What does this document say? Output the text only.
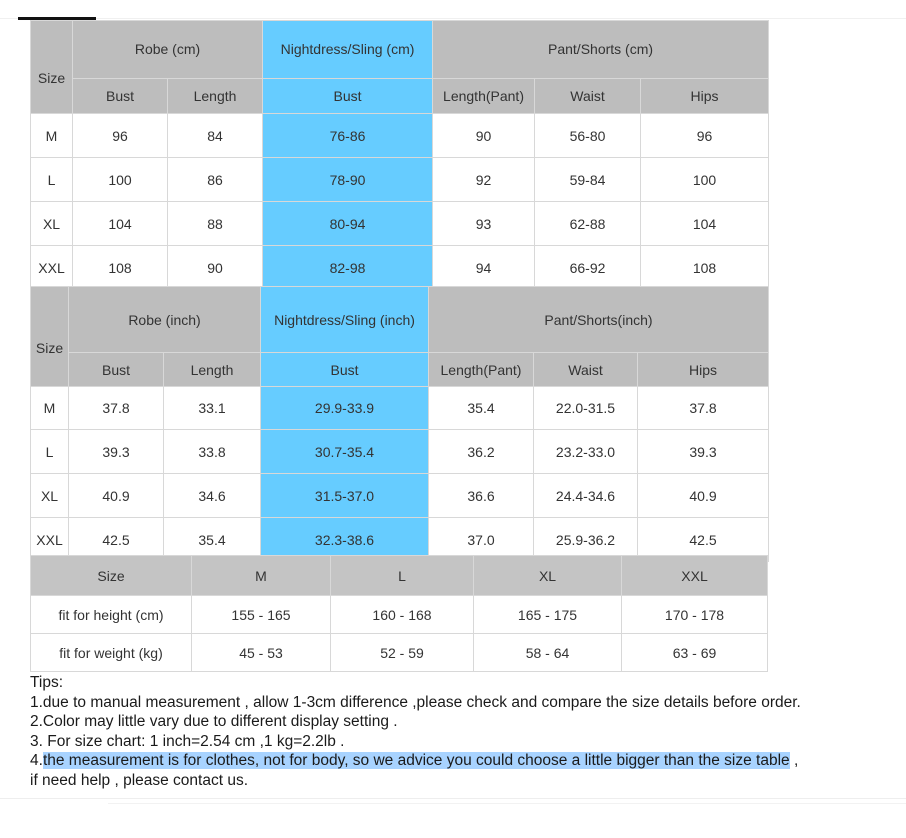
Size	Robe (cm)		Nightdress/Sling (cm)	Pant/Shorts (cm)		
	Bust	Length	Bust	Length(Pant)	Waist	Hips
M	96	84	76-86	90	56-80	96
L	100	86	78-90	92	59-84	100
XL	104	88	80-94	93	62-88	104
XXL	108	90	82-98	94	66-92	108
Size	Robe (inch)		Nightdress/Sling (inch)	Pant/Shorts(inch)		
	Bust	Length	Bust	Length(Pant)	Waist	Hips
M	37.8	33.1	29.9-33.9	35.4	22.0-31.5	37.8
L	39.3	33.8	30.7-35.4	36.2	23.2-33.0	39.3
XL	40.9	34.6	31.5-37.0	36.6	24.4-34.6	40.9
XXL	42.5	35.4	32.3-38.6	37.0	25.9-36.2	42.5
Size	M	L	XL	XXL
fit for height (cm)	155 - 165	160 - 168	165 - 175	170 - 178
fit for weight (kg)	45 - 53	52 - 59	58 - 64	63 - 69
Tips:
1.due to manual measurement , allow 1-3cm difference ,please check and compare the size details before order.
2.Color may little vary due to different display setting .
3. For size chart: 1 inch=2.54 cm ,1 kg=2.2lb .
4.the measurement is for clothes, not for body, so we advice you could choose a little bigger than the size table ,
if need help , please contact us.
